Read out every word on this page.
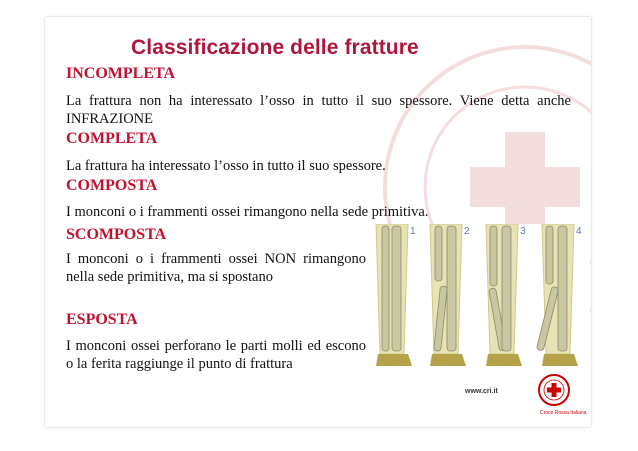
Classificazione delle fratture
INCOMPLETA
La frattura non ha interessato l’osso in tutto il suo spessore. Viene detta anche INFRAZIONE
COMPLETA
La frattura ha interessato l’osso in tutto il suo spessore.
COMPOSTA
I monconi o i frammenti ossei rimangono nella sede primitiva.
SCOMPOSTA
I monconi o i frammenti ossei NON rimangono nella sede primitiva, ma si spostano
ESPOSTA
I monconi ossei perforano le parti molli ed escono o la ferita raggiunge il punto di frattura
1	2	3	4
www.cri.it
Croce Rossa Italiana
